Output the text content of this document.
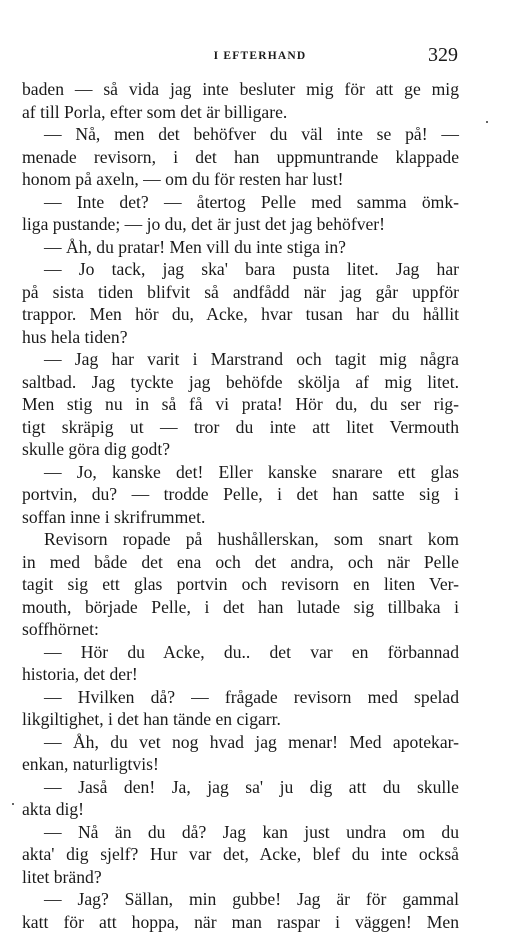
I EFTERHAND	329
baden — så vida jag inte besluter mig för att ge mig
af till Porla, efter som det är billigare.
— Nå, men det behöfver du väl inte se på! —
menade revisorn, i det han uppmuntrande klappade
honom på axeln, — om du för resten har lust!
— Inte det? — återtog Pelle med samma ömk-
liga pustande; — jo du, det är just det jag behöfver!
— Åh, du pratar! Men vill du inte stiga in?
— Jo tack, jag ska' bara pusta litet. Jag har
på sista tiden blifvit så andfådd när jag går uppför
trappor. Men hör du, Acke, hvar tusan har du hållit
hus hela tiden?
— Jag har varit i Marstrand och tagit mig några
saltbad. Jag tyckte jag behöfde skölja af mig litet.
Men stig nu in så få vi prata! Hör du, du ser rig-
tigt skräpig ut — tror du inte att litet Vermouth
skulle göra dig godt?
— Jo, kanske det! Eller kanske snarare ett glas
portvin, du? — trodde Pelle, i det han satte sig i
soffan inne i skrifrummet.
Revisorn ropade på hushållerskan, som snart kom
in med både det ena och det andra, och när Pelle
tagit sig ett glas portvin och revisorn en liten Ver-
mouth, började Pelle, i det han lutade sig tillbaka i
soffhörnet:
— Hör du Acke, du.. det var en förbannad
historia, det der!
— Hvilken då? — frågade revisorn med spelad
likgiltighet, i det han tände en cigarr.
— Åh, du vet nog hvad jag menar! Med apotekar-
enkan, naturligtvis!
— Jaså den! Ja, jag sa' ju dig att du skulle
akta dig!
— Nå än du då? Jag kan just undra om du
akta' dig sjelf? Hur var det, Acke, blef du inte också
litet bränd?
— Jag? Sällan, min gubbe! Jag är för gammal
katt för att hoppa, när man raspar i väggen! Men
